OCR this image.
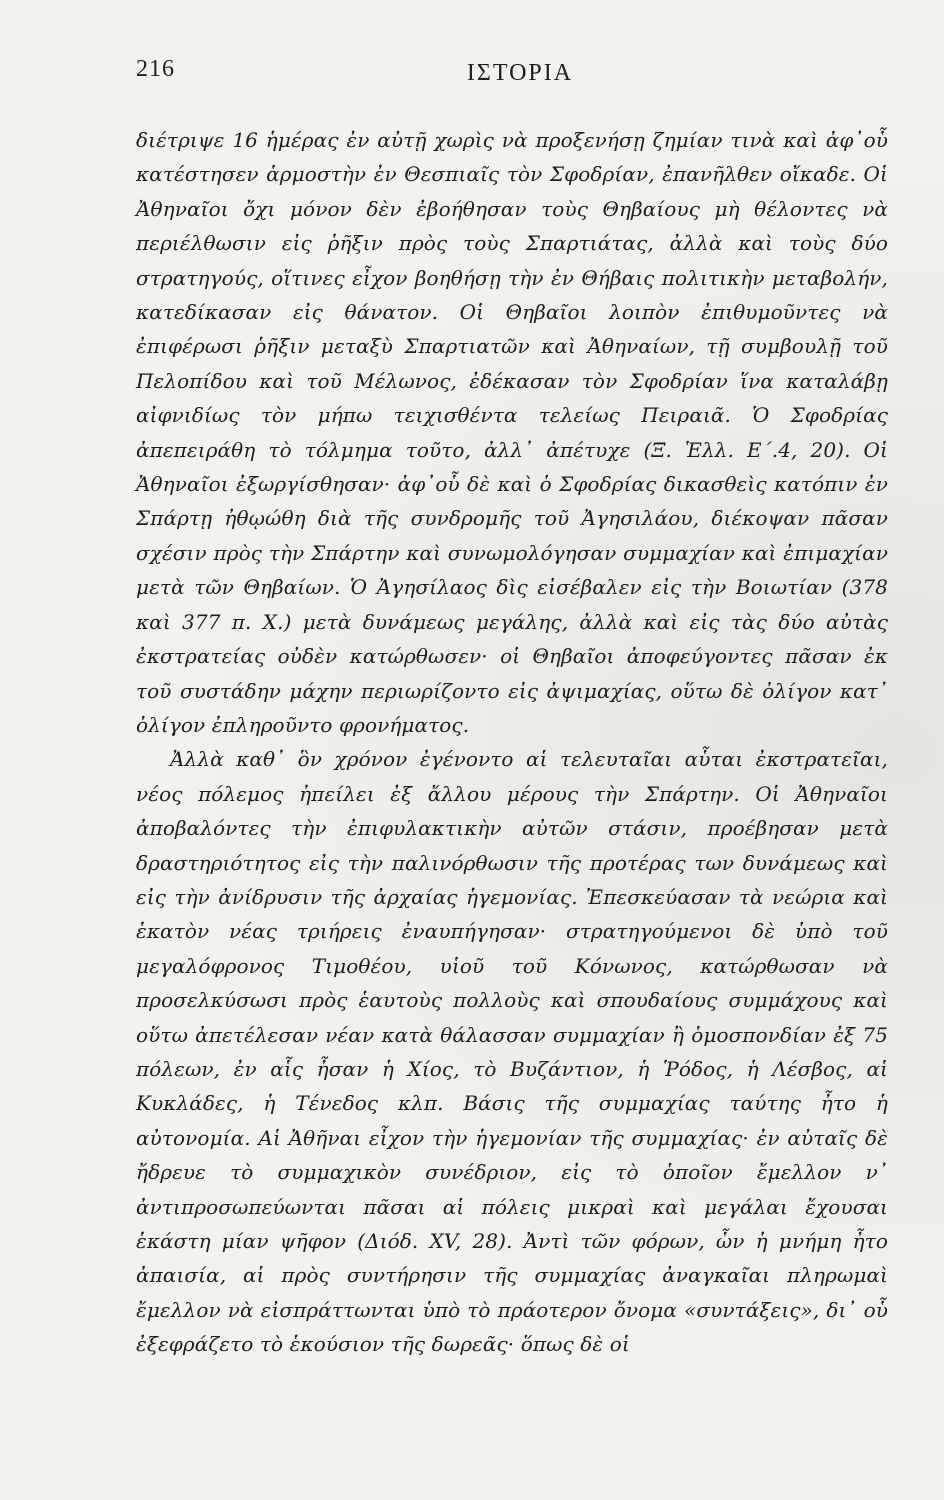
216	ΙΣΤΟΡΙΑ

διέτριψε 16 ἡμέρας ἐν αὐτῇ χωρὶς νὰ προξενήσῃ ζημίαν τινὰ καὶ ἀφ᾽οὗ κατέστησεν ἁρμοστὴν ἐν Θεσπιαῖς τὸν Σφοδρίαν, ἐπανῆλθεν οἴκαδε. Οἱ Ἀθηναῖοι ὄχι μόνον δὲν ἐβοήθησαν τοὺς Θηβαίους μὴ θέλοντες νὰ περιέλθωσιν εἰς ῥῆξιν πρὸς τοὺς Σπαρτιάτας, ἀλλὰ καὶ τοὺς δύο στρατηγούς, οἵτινες εἶχον βοηθήσῃ τὴν ἐν Θήβαις πολιτικὴν μεταβολήν, κατεδίκασαν εἰς θάνατον. Οἱ Θηβαῖοι λοιπὸν ἐπιθυμοῦντες νὰ ἐπιφέρωσι ῥῆξιν μεταξὺ Σπαρτιατῶν καὶ Ἀθηναίων, τῇ συμβουλῇ τοῦ Πελοπίδου καὶ τοῦ Μέλωνος, ἐδέκασαν τὸν Σφοδρίαν ἵνα καταλάβῃ αἰφνιδίως τὸν μήπω τειχισθέντα τελείως Πειραιᾶ. Ὁ Σφοδρίας ἀπεπειράθη τὸ τόλμημα τοῦτο, ἀλλ᾽ ἀπέτυχε (Ξ. Ἑλλ. Ε΄.4, 20). Οἱ Ἀθηναῖοι ἐξωργίσθησαν· ἀφ᾽οὗ δὲ καὶ ὁ Σφοδρίας δικασθεὶς κατόπιν ἐν Σπάρτῃ ἠθῳώθη διὰ τῆς συνδρομῆς τοῦ Ἀγησιλάου, διέκοψαν πᾶσαν σχέσιν πρὸς τὴν Σπάρτην καὶ συνωμολόγησαν συμμαχίαν καὶ ἐπιμαχίαν μετὰ τῶν Θηβαίων. Ὁ Ἀγησίλαος δὶς εἰσέβαλεν εἰς τὴν Βοιωτίαν (378 καὶ 377 π. Χ.) μετὰ δυνάμεως μεγάλης, ἀλλὰ καὶ εἰς τὰς δύο αὐτὰς ἐκστρατείας οὐδὲν κατώρθωσεν· οἱ Θηβαῖοι ἀποφεύγοντες πᾶσαν ἐκ τοῦ συστάδην μάχην περιωρίζοντο εἰς ἀψιμαχίας, οὕτω δὲ ὀλίγον κατ᾽ ὀλίγον ἐπληροῦντο φρονήματος.

Ἀλλὰ καθ᾽ ὃν χρόνον ἐγένοντο αἱ τελευταῖαι αὗται ἐκστρατεῖαι, νέος πόλεμος ἠπείλει ἐξ ἄλλου μέρους τὴν Σπάρτην. Οἱ Ἀθηναῖοι ἀποβαλόντες τὴν ἐπιφυλακτικὴν αὐτῶν στάσιν, προέβησαν μετὰ δραστηριότητος εἰς τὴν παλινόρθωσιν τῆς προτέρας των δυνάμεως καὶ εἰς τὴν ἀνίδρυσιν τῆς ἀρχαίας ἡγεμονίας. Ἐπεσκεύασαν τὰ νεώρια καὶ ἑκατὸν νέας τριήρεις ἐναυπήγησαν· στρατηγούμενοι δὲ ὑπὸ τοῦ μεγαλόφρονος Τιμοθέου, υἱοῦ τοῦ Κόνωνος, κατώρθωσαν νὰ προσελκύσωσι πρὸς ἑαυτοὺς πολλοὺς καὶ σπουδαίους συμμάχους καὶ οὕτω ἀπετέλεσαν νέαν κατὰ θάλασσαν συμμαχίαν ἢ ὁμοσπονδίαν ἐξ 75 πόλεων, ἐν αἷς ἦσαν ἡ Χίος, τὸ Βυζάντιον, ἡ Ῥόδος, ἡ Λέσβος, αἱ Κυκλάδες, ἡ Τένεδος κλπ. Βάσις τῆς συμμαχίας ταύτης ἦτο ἡ αὐτονομία. Αἱ Ἀθῆναι εἶχον τὴν ἡγεμονίαν τῆς συμμαχίας· ἐν αὐταῖς δὲ ἤδρευε τὸ συμμαχικὸν συνέδριον, εἰς τὸ ὁποῖον ἔμελλον ν᾽ ἀντιπροσωπεύωνται πᾶσαι αἱ πόλεις μικραὶ καὶ μεγάλαι ἔχουσαι ἑκάστη μίαν ψῆφον (Διόδ. ΧV, 28). Ἀντὶ τῶν φόρων, ὧν ἡ μνήμη ἦτο ἀπαισία, αἱ πρὸς συντήρησιν τῆς συμμαχίας ἀναγκαῖαι πληρωμαὶ ἔμελλον νὰ εἰσπράττωνται ὑπὸ τὸ πράοτερον ὄνομα «συντάξεις», δι᾽ οὗ ἐξεφράζετο τὸ ἑκούσιον τῆς δωρεᾶς· ὅπως δὲ οἱ
